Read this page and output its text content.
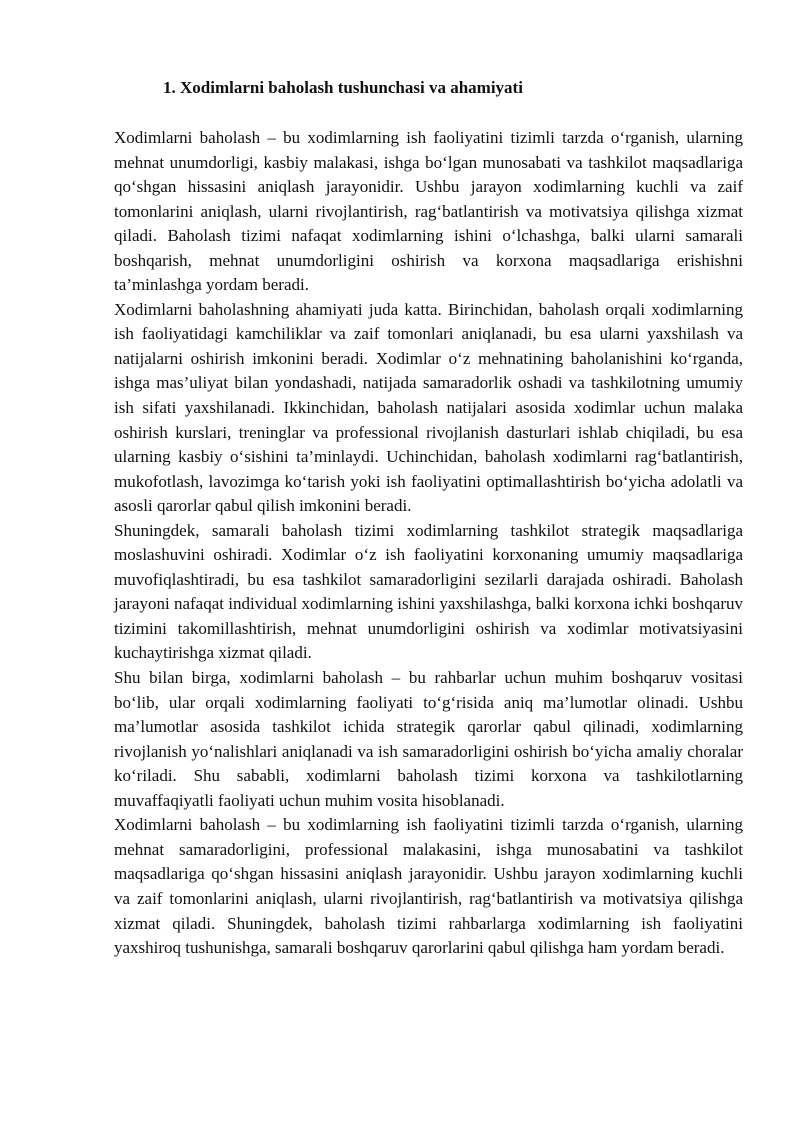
1. Xodimlarni baholash tushunchasi va ahamiyati

Xodimlarni baholash – bu xodimlarning ish faoliyatini tizimli tarzda o‘rganish, ularning mehnat unumdorligi, kasbiy malakasi, ishga bo‘lgan munosabati va tashkilot maqsadlariga qo‘shgan hissasini aniqlash jarayonidir. Ushbu jarayon xodimlarning kuchli va zaif tomonlarini aniqlash, ularni rivojlantirish, rag‘batlantirish va motivatsiya qilishga xizmat qiladi. Baholash tizimi nafaqat xodimlarning ishini o‘lchashga, balki ularni samarali boshqarish, mehnat unumdorligini oshirish va korxona maqsadlariga erishishni ta’minlashga yordam beradi.

Xodimlarni baholashning ahamiyati juda katta. Birinchidan, baholash orqali xodimlarning ish faoliyatidagi kamchiliklar va zaif tomonlari aniqlanadi, bu esa ularni yaxshilash va natijalarni oshirish imkonini beradi. Xodimlar o‘z mehnatining baholanishini ko‘rganda, ishga mas’uliyat bilan yondashadi, natijada samaradorlik oshadi va tashkilotning umumiy ish sifati yaxshilanadi. Ikkinchidan, baholash natijalari asosida xodimlar uchun malaka oshirish kurslari, treninglar va professional rivojlanish dasturlari ishlab chiqiladi, bu esa ularning kasbiy o‘sishini ta’minlaydi. Uchinchidan, baholash xodimlarni rag‘batlantirish, mukofotlash, lavozimga ko‘tarish yoki ish faoliyatini optimallashtirish bo‘yicha adolatli va asosli qarorlar qabul qilish imkonini beradi.

Shuningdek, samarali baholash tizimi xodimlarning tashkilot strategik maqsadlariga moslashuvini oshiradi. Xodimlar o‘z ish faoliyatini korxonaning umumiy maqsadlariga muvofiqlashtiradi, bu esa tashkilot samaradorligini sezilarli darajada oshiradi. Baholash jarayoni nafaqat individual xodimlarning ishini yaxshilashga, balki korxona ichki boshqaruv tizimini takomillashtirish, mehnat unumdorligini oshirish va xodimlar motivatsiyasini kuchaytirishga xizmat qiladi.

Shu bilan birga, xodimlarni baholash – bu rahbarlar uchun muhim boshqaruv vositasi bo‘lib, ular orqali xodimlarning faoliyati to‘g‘risida aniq ma’lumotlar olinadi. Ushbu ma’lumotlar asosida tashkilot ichida strategik qarorlar qabul qilinadi, xodimlarning rivojlanish yo‘nalishlari aniqlanadi va ish samaradorligini oshirish bo‘yicha amaliy choralar ko‘riladi. Shu sababli, xodimlarni baholash tizimi korxona va tashkilotlarning muvaffaqiyatli faoliyati uchun muhim vosita hisoblanadi.

Xodimlarni baholash – bu xodimlarning ish faoliyatini tizimli tarzda o‘rganish, ularning mehnat samaradorligini, professional malakasini, ishga munosabatini va tashkilot maqsadlariga qo‘shgan hissasini aniqlash jarayonidir. Ushbu jarayon xodimlarning kuchli va zaif tomonlarini aniqlash, ularni rivojlantirish, rag‘batlantirish va motivatsiya qilishga xizmat qiladi. Shuningdek, baholash tizimi rahbarlarga xodimlarning ish faoliyatini yaxshiroq tushunishga, samarali boshqaruv qarorlarini qabul qilishga ham yordam beradi.
